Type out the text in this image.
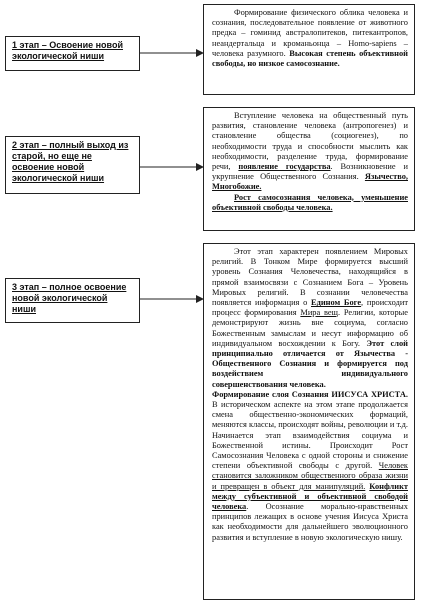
1 этап – Освоение новой экологической ниши

Формирование физического облика человека и сознания, последовательное появление от животного предка – гоминид австралопитеков, питекантропов, неандертальца и кроманьонца – Homo-sapiens – человека разумного. Высокая степень объективной свободы, но низкое самосознание.

2 этап – полный выход из старой, но еще не освоение новой экологической ниши

Вступление человека на общественный путь развития, становление человека (антропогенез) и становление общества (социогенез), по необходимости труда и способности мыслить как необходимости, разделение труда, формирование речи, появление государства. Возникновение и укрупнение Общественного Сознания. Язычество, Многобожие.

Рост самосознания человека, уменьшение объективной свободы человека.

3 этап – полное освоение новой экологической ниши

Этот этап характерен появлением Мировых религий. В Тонком Мире формируется высший уровень Сознания Человечества, находящийся в прямой взаимосвязи с Сознанием Бога – Уровень Мировых религий. В сознании человечества появляется информация о Едином Боге, происходит процесс формирования Мира вещ. Религии, которые демонстрируют жизнь вне социума, согласно Божественным замыслам и несут информацию об индивидуальном восхождении к Богу. Этот слой принципиально отличается от Язычества - Общественного Сознания и формируется под воздействием индивидуального совершенствования человека.

Формирование слоя Сознания ИИСУСА ХРИСТА. В историческом аспекте на этом этапе продолжается смена общественно-экономических формаций, меняются классы, происходят войны, революции и т.д. Начинается этап взаимодействия социума и Божественной истины. Происходит Рост Самосознания Человека с одной стороны и снижение степени объективной свободы с другой. Человек становится заложником общественного образа жизни и превращен в объект для манипуляций. Конфликт между субъективной и объективной свободой человека. Осознание морально-нравственных принципов лежащих в основе учения Иисуса Христа как необходимости для дальнейшего эволюционного развития и вступление в новую экологическую нишу.
